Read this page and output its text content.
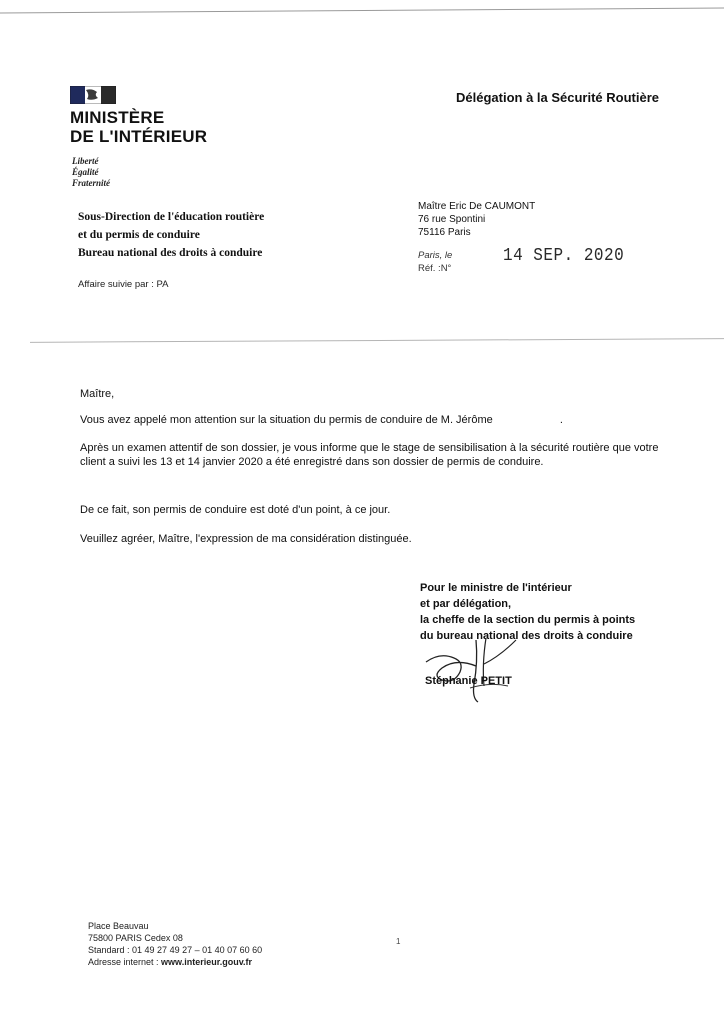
MINISTÈRE
DE L'INTÉRIEUR
Liberté
Égalité
Fraternité
Délégation à la Sécurité Routière
Sous-Direction de l'éducation routière
et du permis de conduire
Bureau national des droits à conduire
Maître Eric De CAUMONT
76 rue Spontini
75116 Paris
Paris, le	14 SEP. 2020
Réf. :N°
Affaire suivie par : PA
Maître,
Vous avez appelé mon attention sur la situation du permis de conduire de M. Jérôme	.
Après un examen attentif de son dossier, je vous informe que le stage de sensibilisation à la sécurité routière que votre client a suivi les 13 et 14 janvier 2020 a été enregistré dans son dossier de permis de conduire.
De ce fait, son permis de conduire est doté d'un point, à ce jour.
Veuillez agréer, Maître, l'expression de ma considération distinguée.
Pour le ministre de l'intérieur
et par délégation,
la cheffe de la section du permis à points
du bureau national des droits à conduire
Stéphanie PETIT
Place Beauvau
75800 PARIS Cedex 08
Standard : 01 49 27 49 27 – 01 40 07 60 60
Adresse internet : www.interieur.gouv.fr
1
